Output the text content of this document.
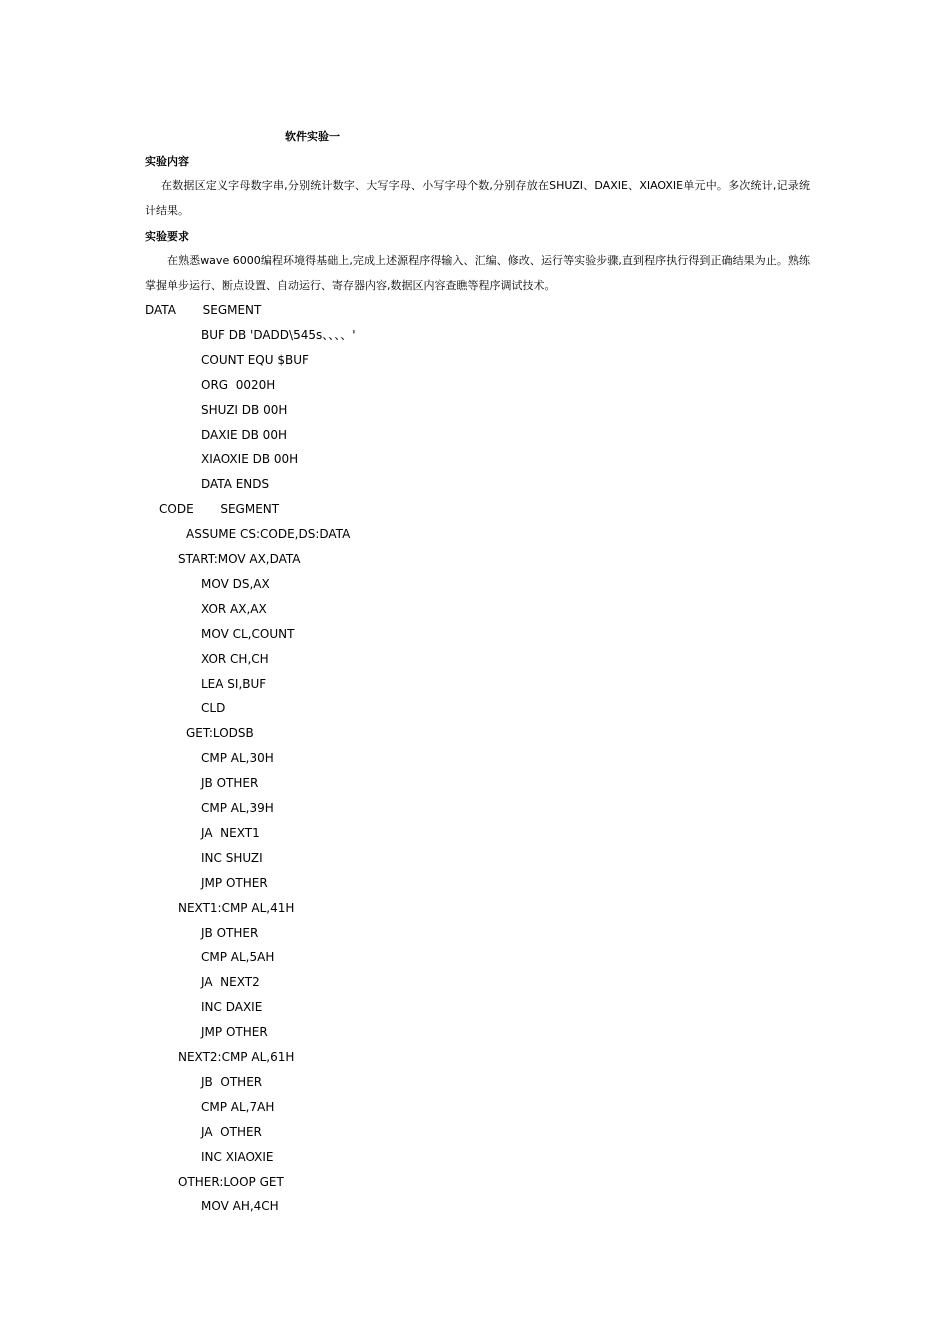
软件实验一
实验内容
在数据区定义字母数字串,分别统计数字、大写字母、小写字母个数,分别存放在SHUZI、DAXIE、XIAOXIE单元中。多次统计,记录统计结果。
实验要求
在熟悉wave 6000编程环境得基础上,完成上述源程序得输入、汇编、修改、运行等实验步骤,直到程序执行得到正确结果为止。熟练掌握单步运行、断点设置、自动运行、寄存器内容,数据区内容查瞧等程序调试技术。
DATA       SEGMENT
BUF DB 'DADD\545s、、、、'
COUNT EQU $BUF
ORG  0020H
SHUZI DB 00H
DAXIE DB 00H
XIAOXIE DB 00H
DATA ENDS
CODE       SEGMENT
ASSUME CS:CODE,DS:DATA
START:MOV AX,DATA
MOV DS,AX
XOR AX,AX
MOV CL,COUNT
XOR CH,CH
LEA SI,BUF
CLD
GET:LODSB
CMP AL,30H
JB OTHER
CMP AL,39H
JA  NEXT1
INC SHUZI
JMP OTHER
NEXT1:CMP AL,41H
JB OTHER
CMP AL,5AH
JA  NEXT2
INC DAXIE
JMP OTHER
NEXT2:CMP AL,61H
JB  OTHER
CMP AL,7AH
JA  OTHER
INC XIAOXIE
OTHER:LOOP GET
MOV AH,4CH
